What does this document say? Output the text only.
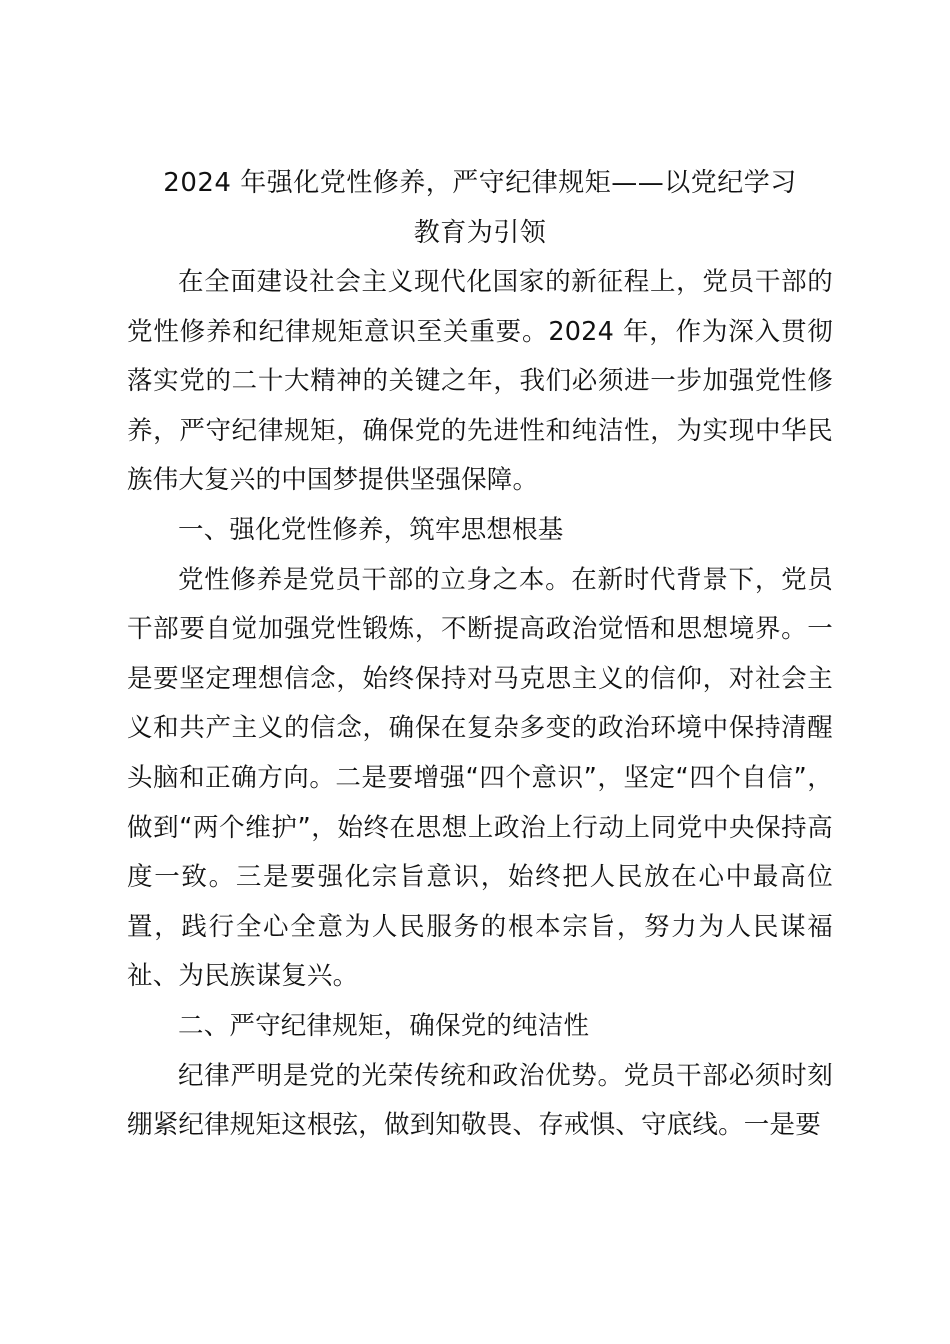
2024 年强化党性修养，严守纪律规矩——以党纪学习
教育为引领

在全面建设社会主义现代化国家的新征程上，党员干部的党性修养和纪律规矩意识至关重要。2024 年，作为深入贯彻落实党的二十大精神的关键之年，我们必须进一步加强党性修养，严守纪律规矩，确保党的先进性和纯洁性，为实现中华民族伟大复兴的中国梦提供坚强保障。

一、强化党性修养，筑牢思想根基

党性修养是党员干部的立身之本。在新时代背景下，党员干部要自觉加强党性锻炼，不断提高政治觉悟和思想境界。一是要坚定理想信念，始终保持对马克思主义的信仰，对社会主义和共产主义的信念，确保在复杂多变的政治环境中保持清醒头脑和正确方向。二是要增强“四个意识”，坚定“四个自信”，做到“两个维护”，始终在思想上政治上行动上同党中央保持高度一致。三是要强化宗旨意识，始终把人民放在心中最高位置，践行全心全意为人民服务的根本宗旨，努力为人民谋福祉、为民族谋复兴。

二、严守纪律规矩，确保党的纯洁性

纪律严明是党的光荣传统和政治优势。党员干部必须时刻绷紧纪律规矩这根弦，做到知敬畏、存戒惧、守底线。一是要
